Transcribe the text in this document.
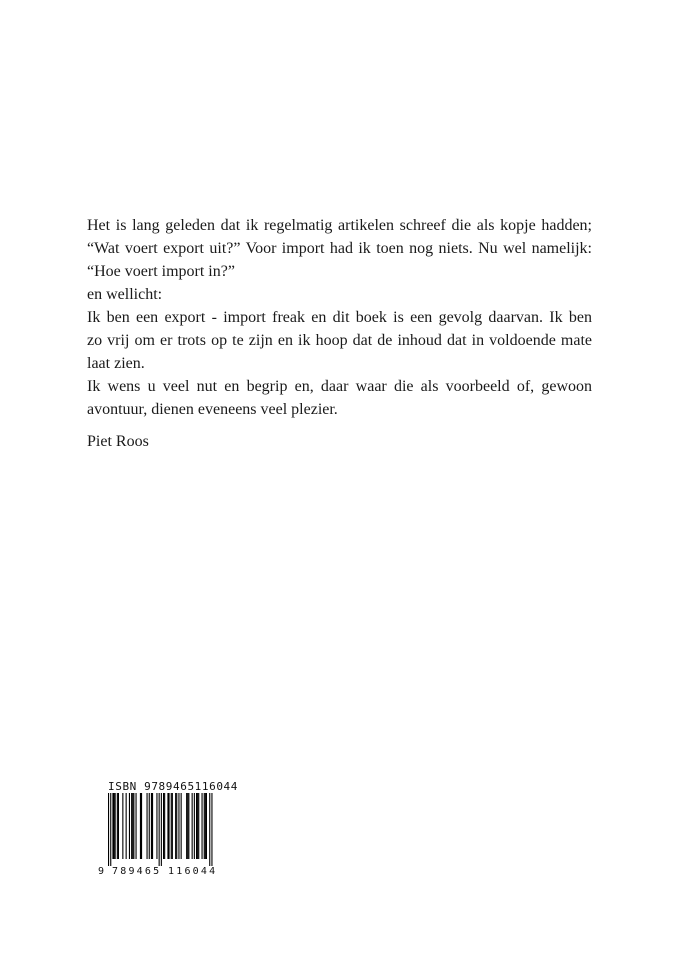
Het is lang geleden dat ik regelmatig artikelen schreef die als kopje hadden;

“Wat voert export uit?” Voor import had ik toen nog niets. Nu wel namelijk:

“Hoe voert import in?”

en wellicht:

Ik ben een export - import freak en dit boek is een gevolg daarvan. Ik ben

zo vrij om er trots op te zijn en ik hoop dat de inhoud dat in voldoende mate

laat zien.

Ik wens u veel nut en begrip en, daar waar die als voorbeeld of, gewoon

avontuur, dienen eveneens veel plezier.

Piet Roos
ISBN 9789465116044
9 789465 116044
